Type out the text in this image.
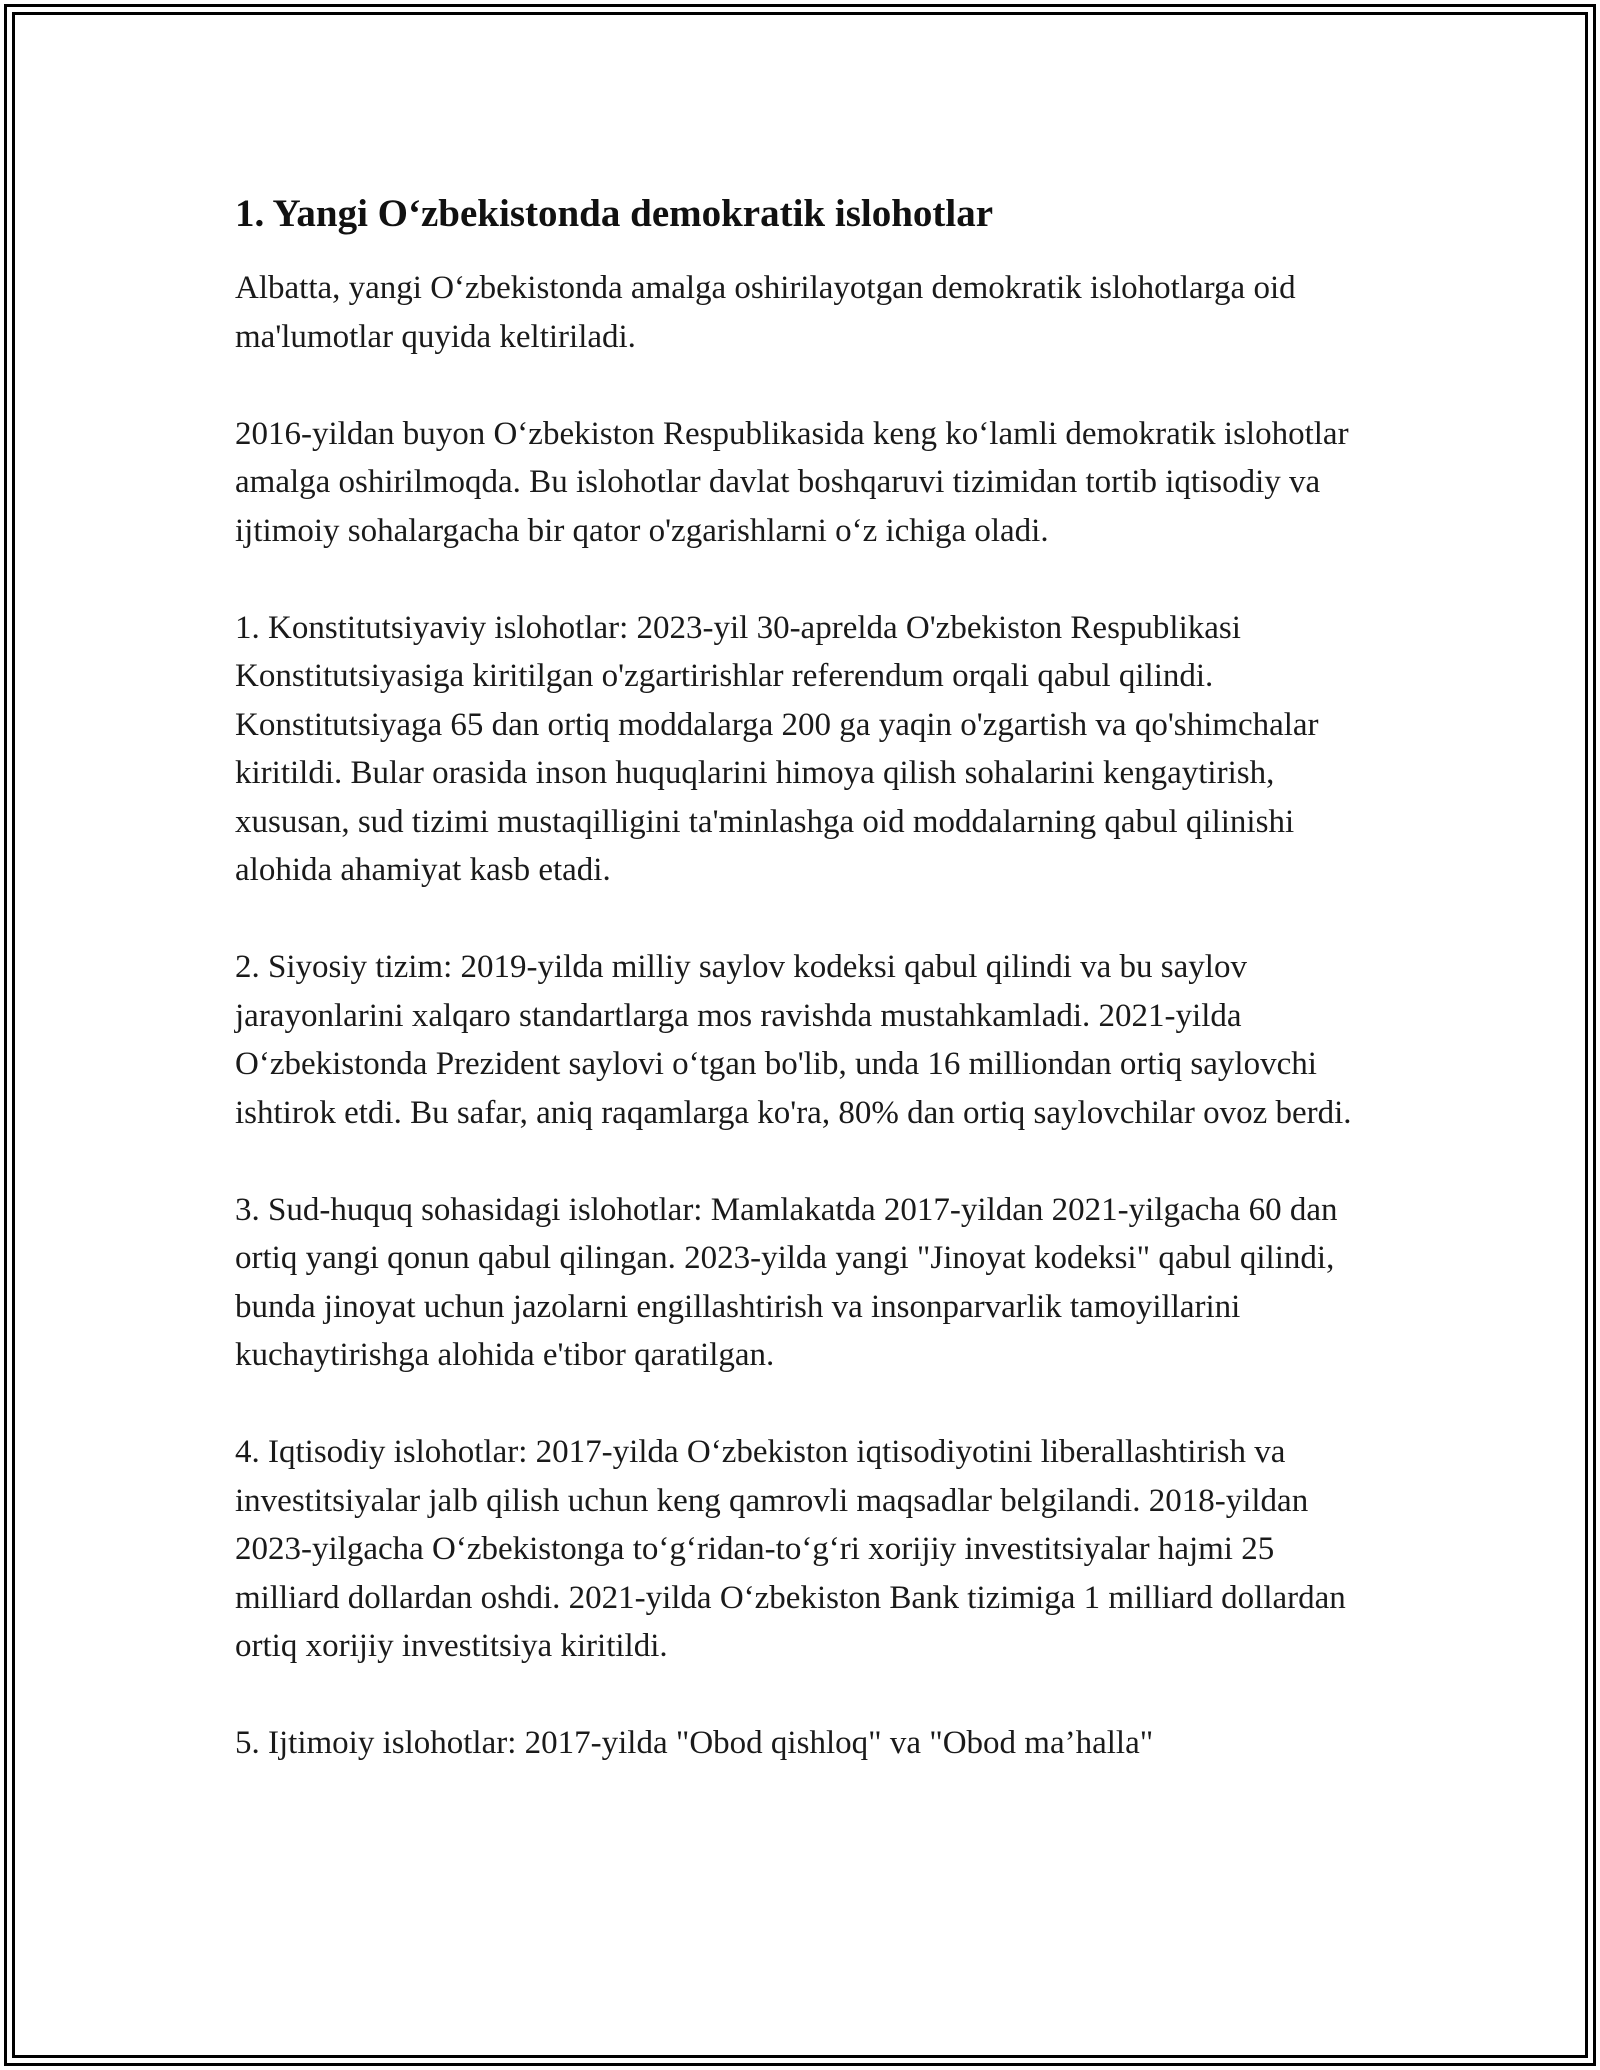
1. Yangi O‘zbekistonda demokratik islohotlar

Albatta, yangi O‘zbekistonda amalga oshirilayotgan demokratik islohotlarga oid ma'lumotlar quyida keltiriladi.

2016-yildan buyon O‘zbekiston Respublikasida keng ko‘lamli demokratik islohotlar amalga oshirilmoqda. Bu islohotlar davlat boshqaruvi tizimidan tortib iqtisodiy va ijtimoiy sohalargacha bir qator o'zgarishlarni o‘z ichiga oladi.

1. Konstitutsiyaviy islohotlar: 2023-yil 30-aprelda O'zbekiston Respublikasi Konstitutsiyasiga kiritilgan o'zgartirishlar referendum orqali qabul qilindi. Konstitutsiyaga 65 dan ortiq moddalarga 200 ga yaqin o'zgartish va qo'shimchalar kiritildi. Bular orasida inson huquqlarini himoya qilish sohalarini kengaytirish, xususan, sud tizimi mustaqilligini ta'minlashga oid moddalarning qabul qilinishi alohida ahamiyat kasb etadi.

2. Siyosiy tizim: 2019-yilda milliy saylov kodeksi qabul qilindi va bu saylov jarayonlarini xalqaro standartlarga mos ravishda mustahkamladi. 2021-yilda O‘zbekistonda Prezident saylovi o‘tgan bo'lib, unda 16 milliondan ortiq saylovchi ishtirok etdi. Bu safar, aniq raqamlarga ko'ra, 80% dan ortiq saylovchilar ovoz berdi.

3. Sud-huquq sohasidagi islohotlar: Mamlakatda 2017-yildan 2021-yilgacha 60 dan ortiq yangi qonun qabul qilingan. 2023-yilda yangi "Jinoyat kodeksi" qabul qilindi, bunda jinoyat uchun jazolarni engillashtirish va insonparvarlik tamoyillarini kuchaytirishga alohida e'tibor qaratilgan.

4. Iqtisodiy islohotlar: 2017-yilda O‘zbekiston iqtisodiyotini liberallashtirish va investitsiyalar jalb qilish uchun keng qamrovli maqsadlar belgilandi. 2018-yildan 2023-yilgacha O‘zbekistonga to‘g‘ridan-to‘g‘ri xorijiy investitsiyalar hajmi 25 milliard dollardan oshdi. 2021-yilda O‘zbekiston Bank tizimiga 1 milliard dollardan ortiq xorijiy investitsiya kiritildi.

5. Ijtimoiy islohotlar: 2017-yilda "Obod qishloq" va "Obod ma’halla"
